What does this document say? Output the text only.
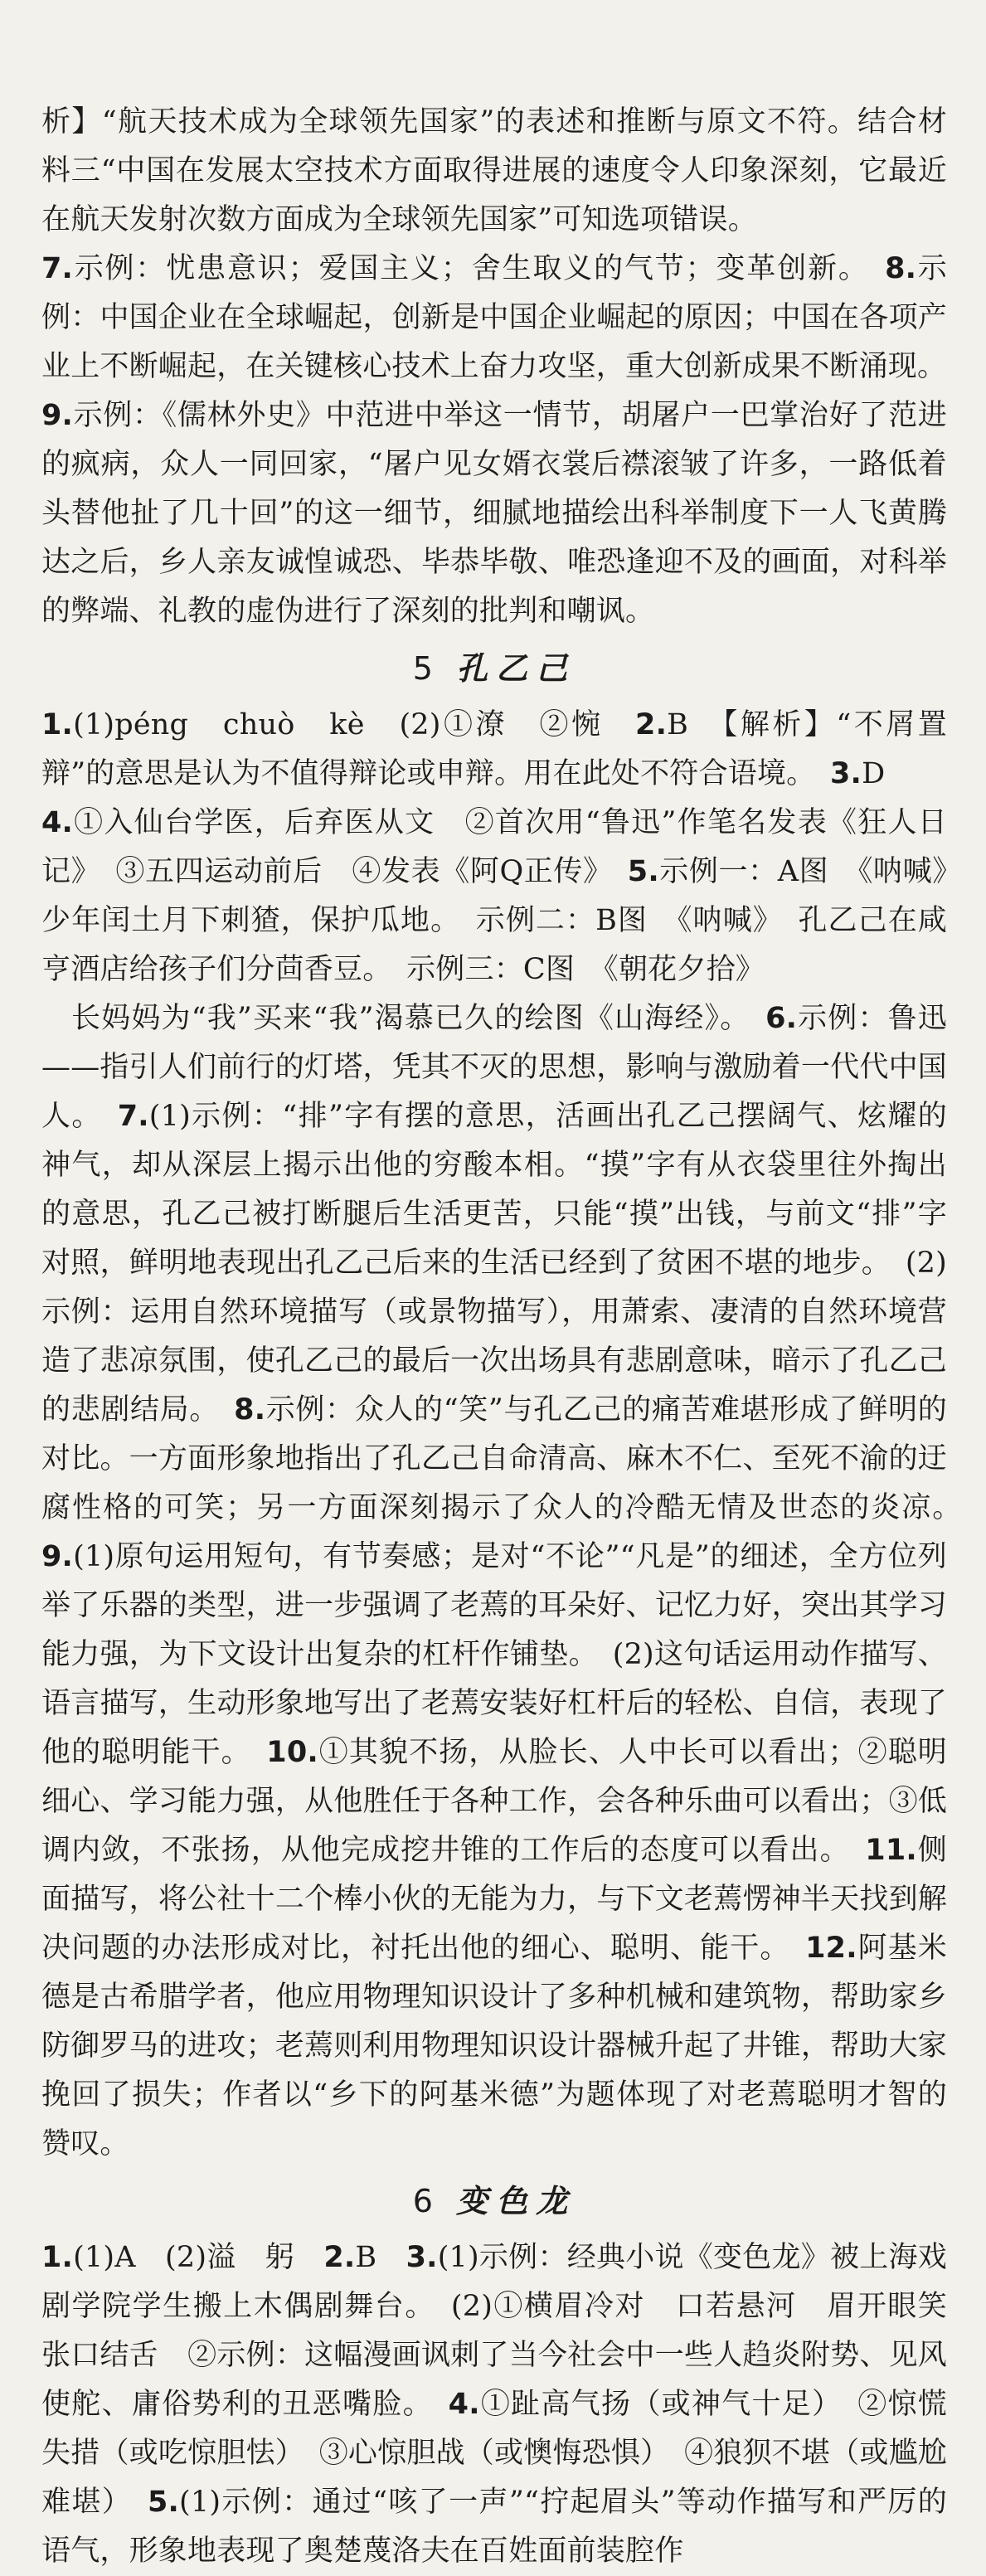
析】“航天技术成为全球领先国家”的表述和推断与原文不符。结合材料三“中国在发展太空技术方面取得进展的速度令人印象深刻，它最近在航天发射次数方面成为全球领先国家”可知选项错误。

7.示例：忧患意识；爱国主义；舍生取义的气节；变革创新。　8.示例：中国企业在全球崛起，创新是中国企业崛起的原因；中国在各项产业上不断崛起，在关键核心技术上奋力攻坚，重大创新成果不断涌现。

9.示例：《儒林外史》中范进中举这一情节，胡屠户一巴掌治好了范进的疯病，众人一同回家，“屠户见女婿衣裳后襟滚皱了许多，一路低着头替他扯了几十回”的这一细节，细腻地描绘出科举制度下一人飞黄腾达之后，乡人亲友诚惶诚恐、毕恭毕敬、唯恐逢迎不及的画面，对科举的弊端、礼教的虚伪进行了深刻的批判和嘲讽。

5 孔乙己

1.(1)péng　chuò　kè　(2)①潦　②惋　2.B　【解析】“不屑置辩”的意思是认为不值得辩论或申辩。用在此处不符合语境。　3.D

4.①入仙台学医，后弃医从文　②首次用“鲁迅”作笔名发表《狂人日记》　③五四运动前后　④发表《阿Q正传》　5.示例一：A图　《呐喊》　少年闰土月下刺猹，保护瓜地。　示例二：B图　《呐喊》　孔乙己在咸亨酒店给孩子们分茴香豆。　示例三：C图　《朝花夕拾》

长妈妈为“我”买来“我”渴慕已久的绘图《山海经》。　6.示例：鲁迅——指引人们前行的灯塔，凭其不灭的思想，影响与激励着一代代中国人。　7.(1)示例：“排”字有摆的意思，活画出孔乙己摆阔气、炫耀的神气，却从深层上揭示出他的穷酸本相。“摸”字有从衣袋里往外掏出的意思，孔乙己被打断腿后生活更苦，只能“摸”出钱，与前文“排”字对照，鲜明地表现出孔乙己后来的生活已经到了贫困不堪的地步。　(2)示例：运用自然环境描写（或景物描写），用萧索、凄清的自然环境营造了悲凉氛围，使孔乙己的最后一次出场具有悲剧意味，暗示了孔乙己的悲剧结局。　8.示例：众人的“笑”与孔乙己的痛苦难堪形成了鲜明的对比。一方面形象地指出了孔乙己自命清高、麻木不仁、至死不渝的迂腐性格的可笑；另一方面深刻揭示了众人的冷酷无情及世态的炎凉。　9.(1)原句运用短句，有节奏感；是对“不论”“凡是”的细述，全方位列举了乐器的类型，进一步强调了老蔫的耳朵好、记忆力好，突出其学习能力强，为下文设计出复杂的杠杆作铺垫。　(2)这句话运用动作描写、语言描写，生动形象地写出了老蔫安装好杠杆后的轻松、自信，表现了他的聪明能干。　10.①其貌不扬，从脸长、人中长可以看出；②聪明细心、学习能力强，从他胜任于各种工作，会各种乐曲可以看出；③低调内敛，不张扬，从他完成挖井锥的工作后的态度可以看出。　11.侧面描写，将公社十二个棒小伙的无能为力，与下文老蔫愣神半天找到解决问题的办法形成对比，衬托出他的细心、聪明、能干。　12.阿基米德是古希腊学者，他应用物理知识设计了多种机械和建筑物，帮助家乡防御罗马的进攻；老蔫则利用物理知识设计器械升起了井锥，帮助大家挽回了损失；作者以“乡下的阿基米德”为题体现了对老蔫聪明才智的赞叹。

6 变色龙

1.(1)A　(2)溢　躬　2.B　3.(1)示例：经典小说《变色龙》被上海戏剧学院学生搬上木偶剧舞台。　(2)①横眉冷对　口若悬河　眉开眼笑　张口结舌　②示例：这幅漫画讽刺了当今社会中一些人趋炎附势、见风使舵、庸俗势利的丑恶嘴脸。　4.①趾高气扬（或神气十足）　②惊慌失措（或吃惊胆怯）　③心惊胆战（或懊悔恐惧）　④狼狈不堪（或尴尬难堪）　5.(1)示例：通过“咳了一声”“拧起眉头”等动作描写和严厉的语气，形象地表现了奥楚蔑洛夫在百姓面前装腔作
